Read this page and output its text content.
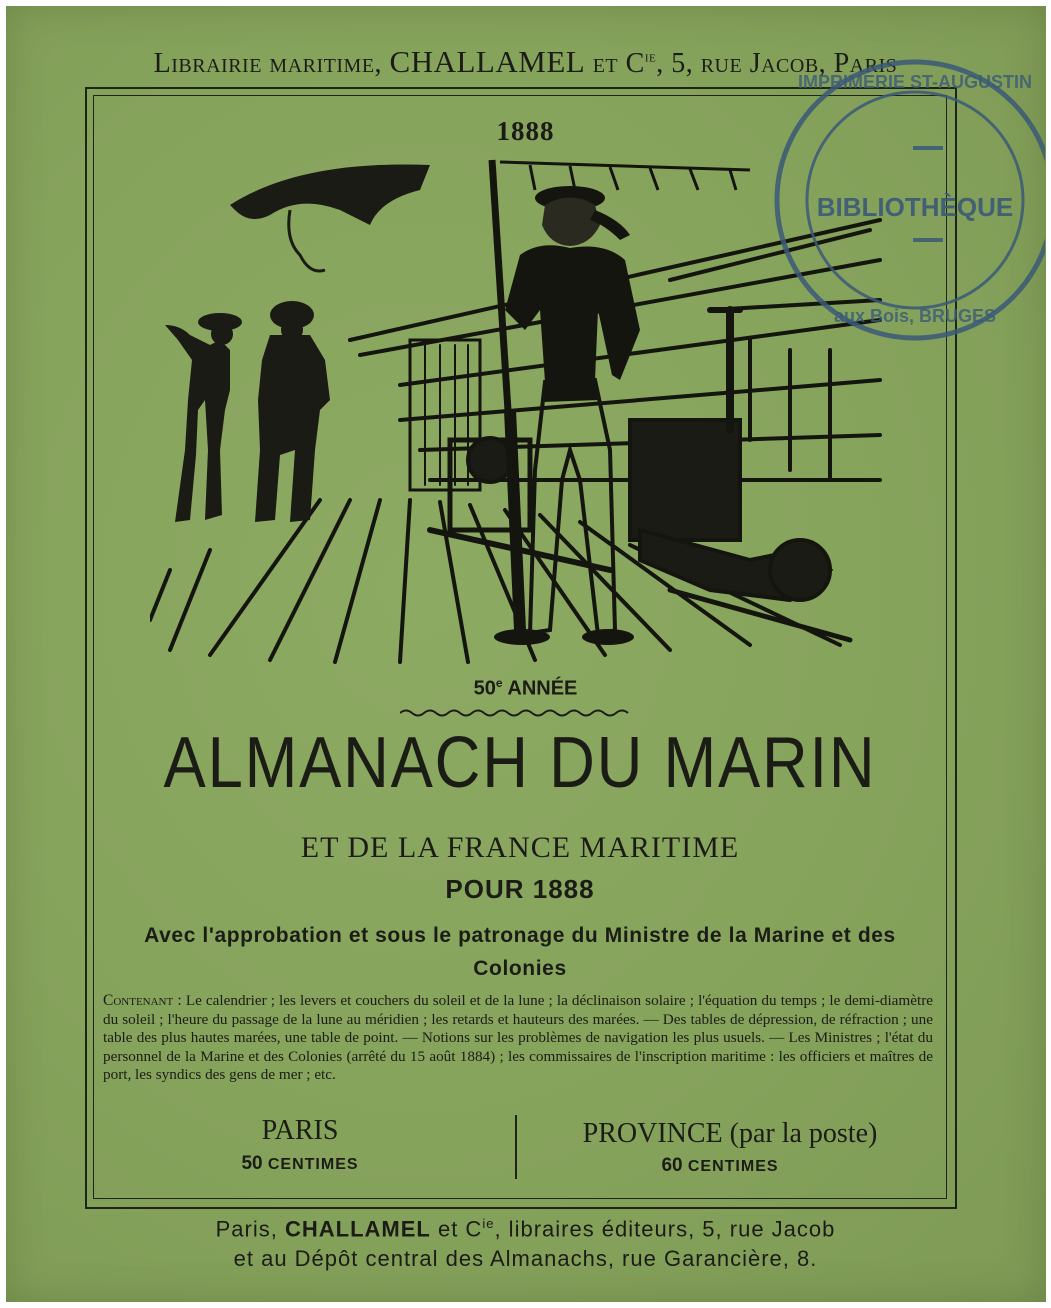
Librairie maritime, CHALLAMEL et $C^{ie}$, 5, rue Jacob, Paris
1888
BIBLIOTHÈQUE
IMPRIMERIE ST-AUGUSTIN
aux Bois, BRUGES
50e ANNÉE
ALMANACH DU MARIN
ET DE LA FRANCE MARITIME
POUR 1888
Avec l'approbation et sous le patronage du Ministre de la Marine et des Colonies
Contenant : Le calendrier ; les levers et couchers du soleil et de la lune ; la déclinaison solaire ; l'équation du temps ; le demi-diamètre du soleil ; l'heure du passage de la lune au méridien ; les retards et hauteurs des marées. — Des tables de dépression, de réfraction ; une table des plus hautes marées, une table de point. — Notions sur les problèmes de navigation les plus usuels. — Les Ministres ; l'état du personnel de la Marine et des Colonies (arrêté du 15 août 1884) ; les commissaires de l'inscription maritime : les officiers et maîtres de port, les syndics des gens de mer ; etc.
PARIS
50 CENTIMES
PROVINCE (par la poste)
60 CENTIMES
Paris, CHALLAMEL et $C^{ie}$, libraires éditeurs, 5, rue Jacob
et au Dépôt central des Almanachs, rue Garancière, 8.
